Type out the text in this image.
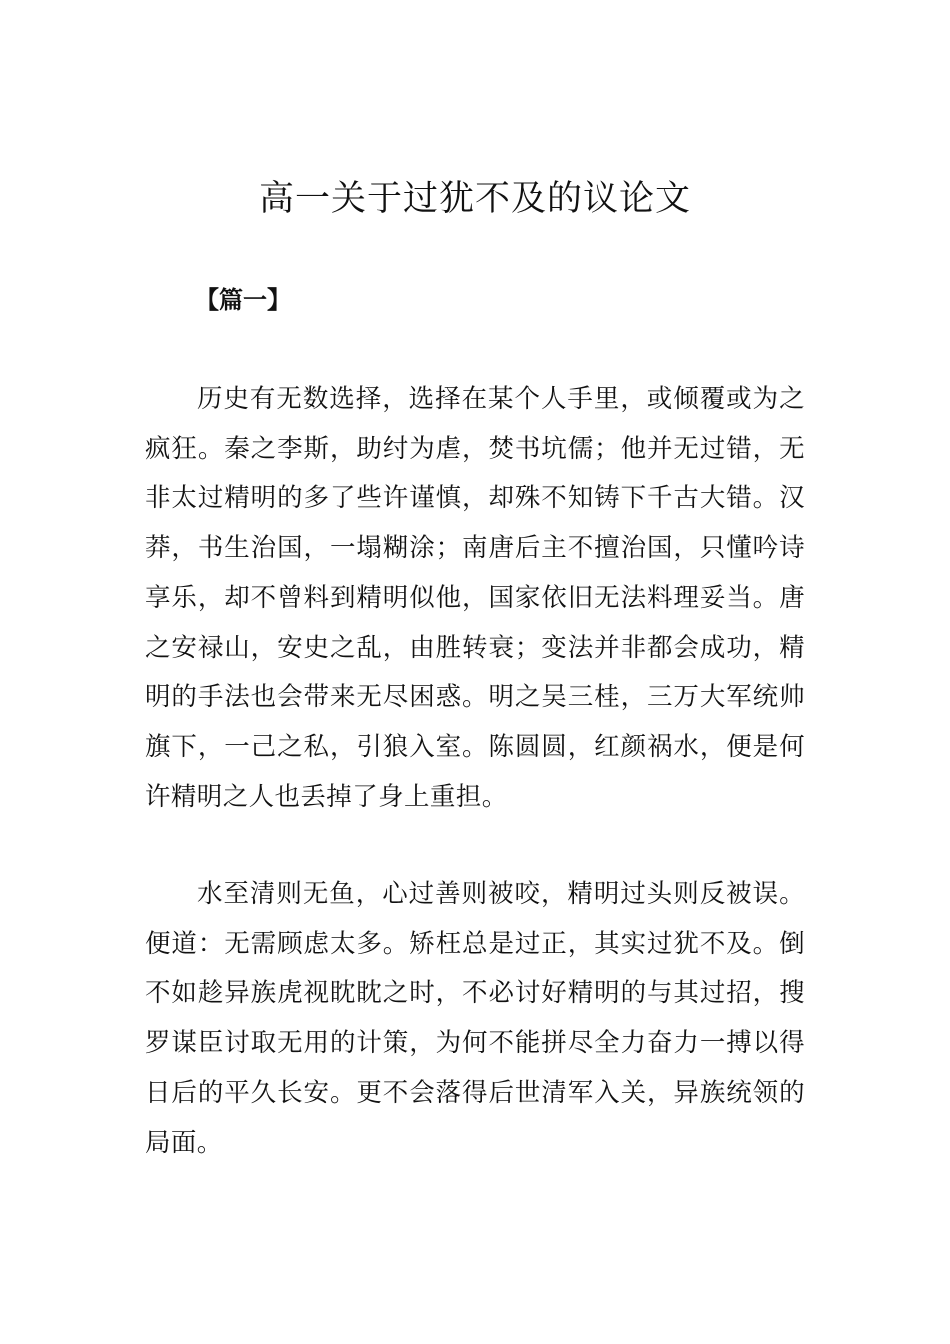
高一关于过犹不及的议论文

【篇一】

历史有无数选择，选择在某个人手里，或倾覆或为之疯狂。秦之李斯，助纣为虐，焚书坑儒；他并无过错，无非太过精明的多了些许谨慎，却殊不知铸下千古大错。汉莽，书生治国，一塌糊涂；南唐后主不擅治国，只懂吟诗享乐，却不曾料到精明似他，国家依旧无法料理妥当。唐之安禄山，安史之乱，由胜转衰；变法并非都会成功，精明的手法也会带来无尽困惑。明之吴三桂，三万大军统帅旗下，一己之私，引狼入室。陈圆圆，红颜祸水，便是何许精明之人也丢掉了身上重担。

水至清则无鱼，心过善则被咬，精明过头则反被误。便道：无需顾虑太多。矫枉总是过正，其实过犹不及。倒不如趁异族虎视眈眈之时，不必讨好精明的与其过招，搜罗谋臣讨取无用的计策，为何不能拼尽全力奋力一搏以得日后的平久长安。更不会落得后世清军入关，异族统领的局面。
